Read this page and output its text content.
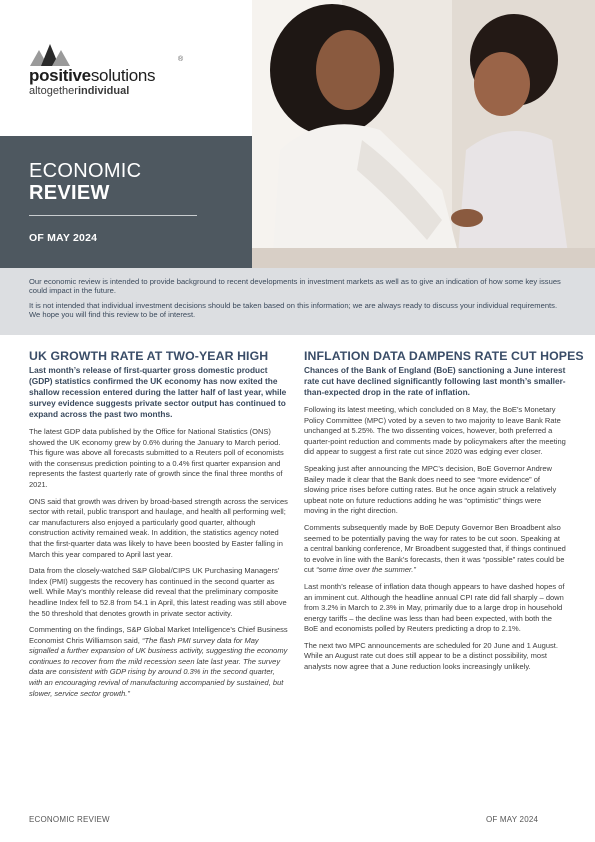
®
positivesolutions
altogetherindividual
ECONOMIC
REVIEW
OF MAY 2024

Our economic review is intended to provide background to recent developments in investment markets as well as to give an indication of how some key issues could impact in the future.

It is not intended that individual investment decisions should be taken based on this information; we are always ready to discuss your individual requirements. We hope you will find this review to be of interest.

UK GROWTH RATE AT TWO-YEAR HIGH

Last month’s release of first-quarter gross domestic product (GDP) statistics confirmed the UK economy has now exited the shallow recession entered during the latter half of last year, while survey evidence suggests private sector output has continued to expand across the past two months.

The latest GDP data published by the Office for National Statistics (ONS) showed the UK economy grew by 0.6% during the January to March period. This figure was above all forecasts submitted to a Reuters poll of economists with the consensus prediction pointing to a 0.4% first quarter expansion and represents the fastest quarterly rate of growth since the final three months of 2021.

ONS said that growth was driven by broad-based strength across the services sector with retail, public transport and haulage, and health all performing well; car manufacturers also enjoyed a particularly good quarter, although construction activity remained weak. In addition, the statistics agency noted that the first-quarter data was likely to have been boosted by Easter falling in March this year compared to April last year.

Data from the closely-watched S&P Global/CIPS UK Purchasing Managers’ Index (PMI) suggests the recovery has continued in the second quarter as well. While May’s monthly release did reveal that the preliminary composite headline Index fell to 52.8 from 54.1 in April, this latest reading was still above the 50 threshold that denotes growth in private sector activity.

Commenting on the findings, S&P Global Market Intelligence’s Chief Business Economist Chris Williamson said, “The flash PMI survey data for May signalled a further expansion of UK business activity, suggesting the economy continues to recover from the mild recession seen late last year. The survey data are consistent with GDP rising by around 0.3% in the second quarter, with an encouraging revival of manufacturing accompanied by sustained, but slower, service sector growth.”

INFLATION DATA DAMPENS RATE CUT HOPES

Chances of the Bank of England (BoE) sanctioning a June interest rate cut have declined significantly following last month’s smaller-than-expected drop in the rate of inflation.

Following its latest meeting, which concluded on 8 May, the BoE’s Monetary Policy Committee (MPC) voted by a seven to two majority to leave Bank Rate unchanged at 5.25%. The two dissenting voices, however, both preferred a quarter-point reduction and comments made by policymakers after the meeting did appear to suggest a first rate cut since 2020 was edging ever closer.

Speaking just after announcing the MPC’s decision, BoE Governor Andrew Bailey made it clear that the Bank does need to see “more evidence” of slowing price rises before cutting rates. But he once again struck a relatively upbeat note on future reductions adding he was “optimistic” things were moving in the right direction.

Comments subsequently made by BoE Deputy Governor Ben Broadbent also seemed to be potentially paving the way for rates to be cut soon. Speaking at a central banking conference, Mr Broadbent suggested that, if things continued to evolve in line with the Bank’s forecasts, then it was “possible” rates could be cut “some time over the summer.”

Last month’s release of inflation data though appears to have dashed hopes of an imminent cut. Although the headline annual CPI rate did fall sharply – down from 3.2% in March to 2.3% in May, primarily due to a large drop in household energy tariffs – the decline was less than had been expected, with both the BoE and economists polled by Reuters predicting a drop to 2.1%.

The next two MPC announcements are scheduled for 20 June and 1 August. While an August rate cut does still appear to be a distinct possibility, most analysts now agree that a June reduction looks increasingly unlikely.

ECONOMIC REVIEW	OF MAY 2024
